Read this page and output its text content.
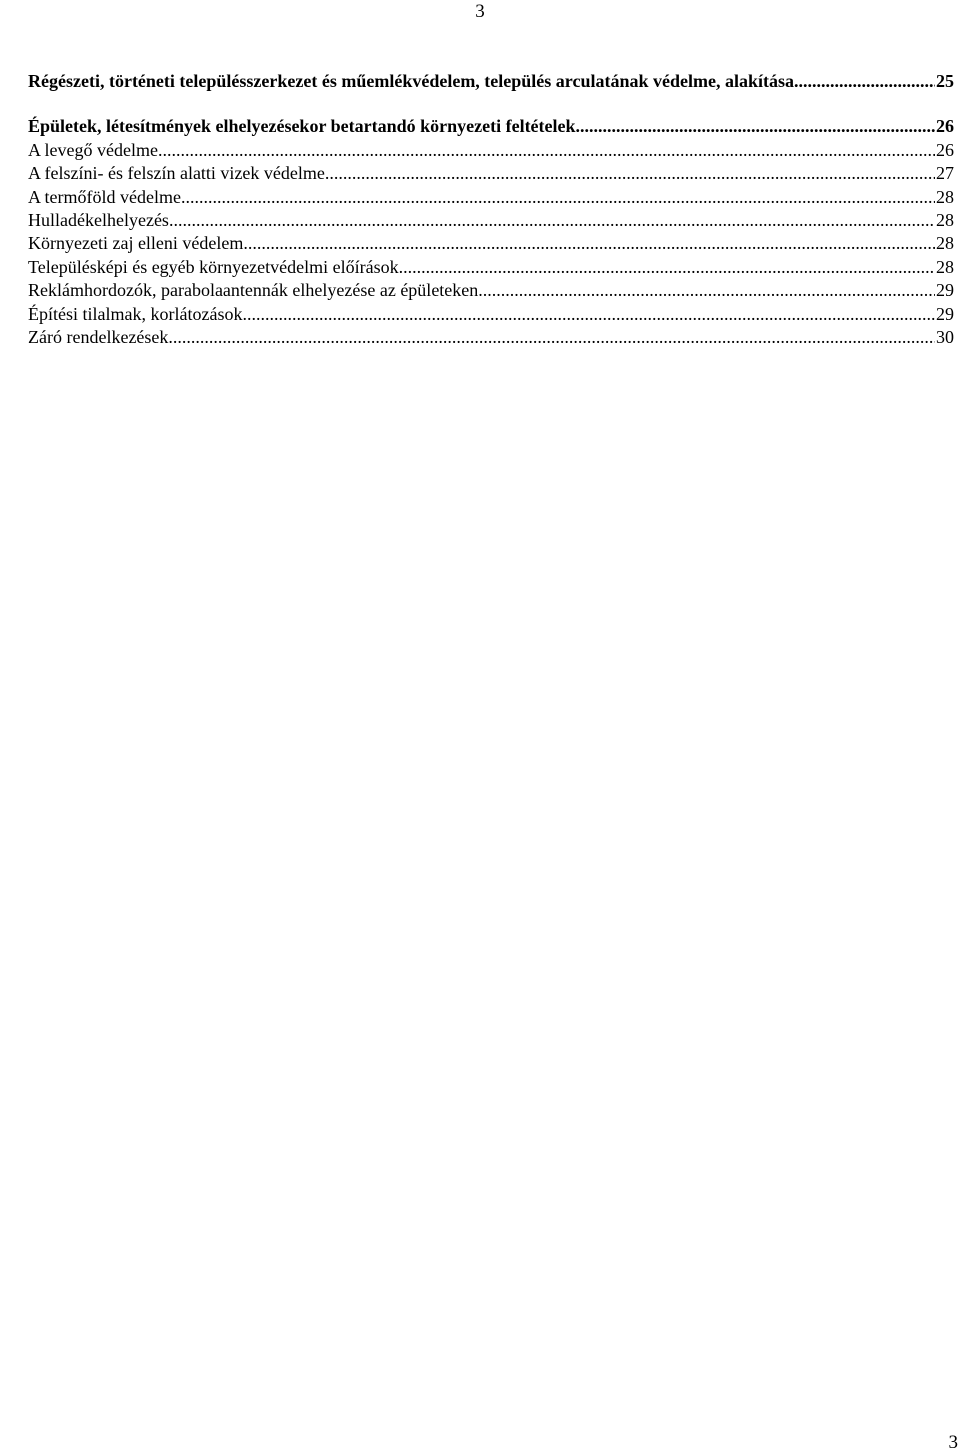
3
Régészeti, történeti településszerkezet és műemlékvédelem, település arculatának védelme, alakítása .....	25
Épületek, létesítmények elhelyezésekor betartandó környezeti feltételek .....	26
A levegő védelme .....	26
A felszíni- és felszín alatti vizek védelme .....	27
A termőföld védelme .....	28
Hulladékelhelyezés .....	28
Környezeti zaj elleni védelem .....	28
Településképi és egyéb környezetvédelmi előírások .....	28
Reklámhordozók, parabolaantennák elhelyezése az épületeken. .....	29
Építési tilalmak, korlátozások .....	29
Záró rendelkezések .....	30
3
